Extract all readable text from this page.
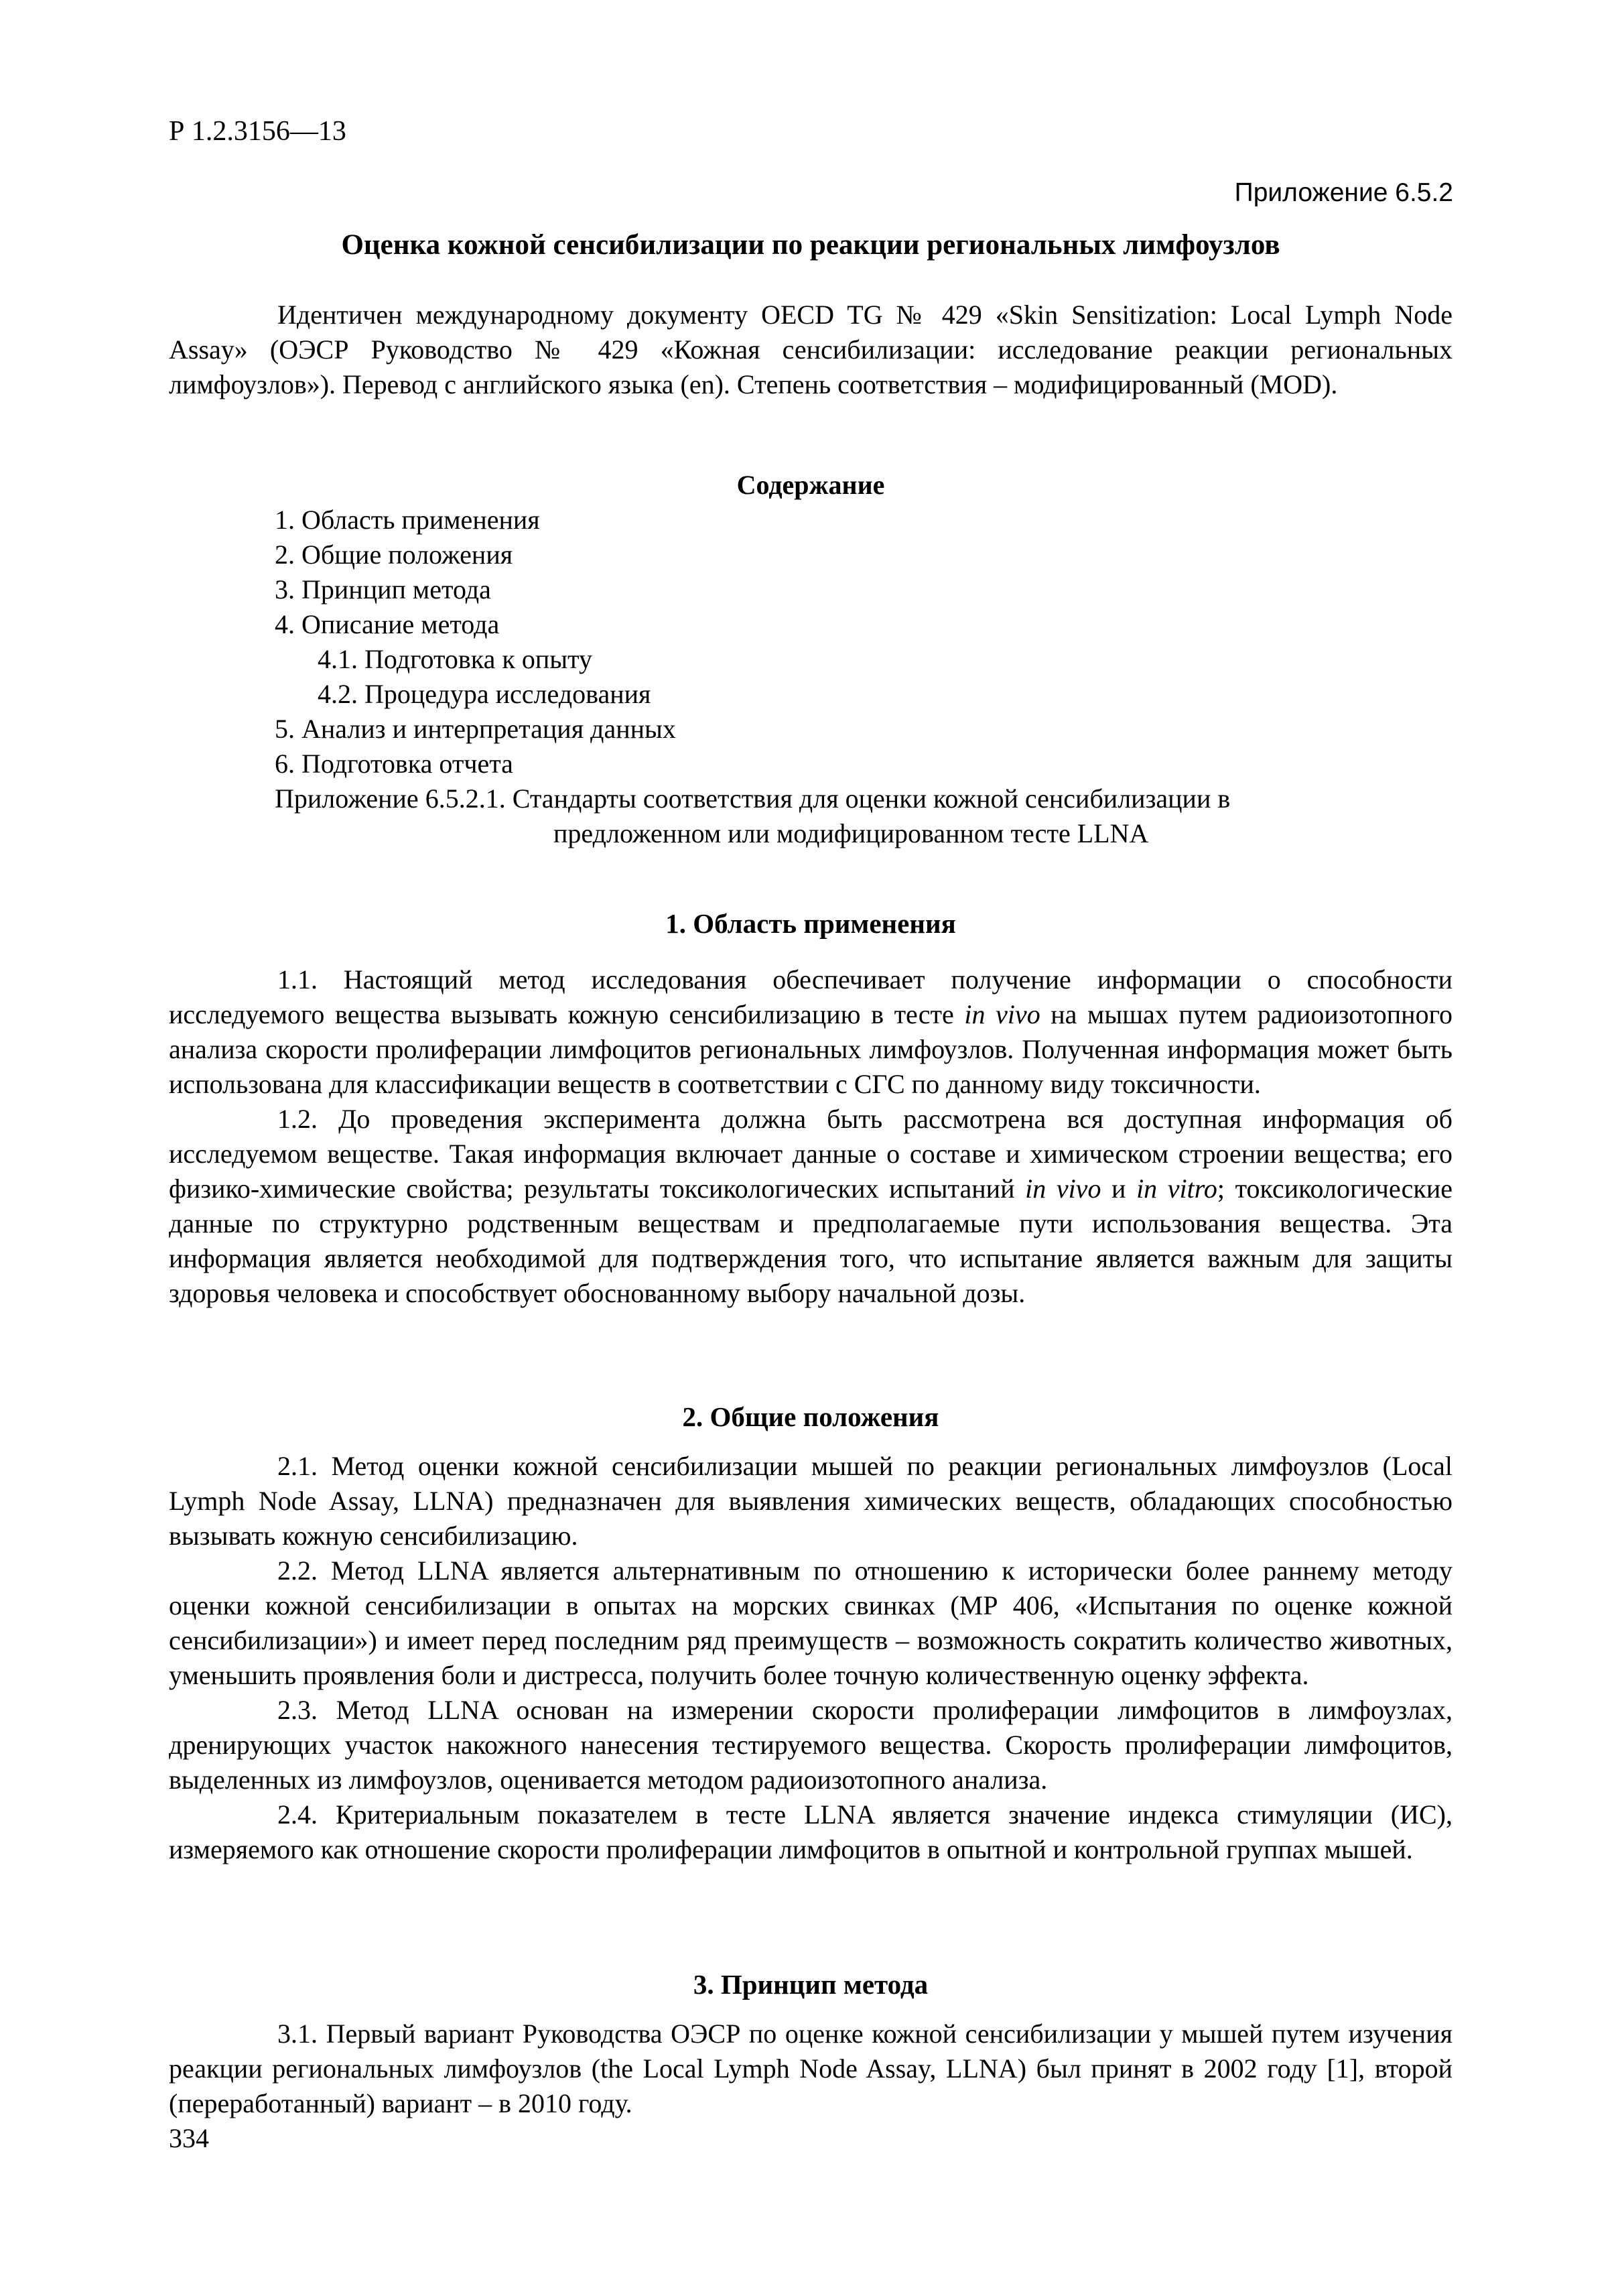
Р 1.2.3156—13
Приложение 6.5.2
Оценка кожной сенсибилизации по реакции региональных лимфоузлов
Идентичен международному документу OECD TG № 429 «Skin Sensitization: Local Lymph Node Assay» (ОЭСР Руководство № 429 «Кожная сенсибилизации: исследование реакции региональных лимфоузлов»). Перевод с английского языка (en). Степень соответствия – модифицированный (MOD).
Содержание
1. Область применения
2. Общие положения
3. Принцип метода
4. Описание метода
4.1. Подготовка к опыту
4.2. Процедура исследования
5. Анализ и интерпретация данных
6. Подготовка отчета
Приложение 6.5.2.1. Стандарты соответствия для оценки кожной сенсибилизации в
предложенном или модифицированном тесте LLNA
1. Область применения

1.1. Настоящий метод исследования обеспечивает получение информации о способности исследуемого вещества вызывать кожную сенсибилизацию в тесте in vivo на мышах путем радиоизотопного анализа скорости пролиферации лимфоцитов региональных лимфоузлов. Полученная информация может быть использована для классификации веществ в соответствии с СГС по данному виду токсичности.

1.2. До проведения эксперимента должна быть рассмотрена вся доступная информация об исследуемом веществе. Такая информация включает данные о составе и химическом строении вещества; его физико-химические свойства; результаты токсикологических испытаний in vivo и in vitro; токсикологические данные по структурно родственным веществам и предполагаемые пути использования вещества. Эта информация является необходимой для подтверждения того, что испытание является важным для защиты здоровья человека и способствует обоснованному выбору начальной дозы.

2. Общие положения

2.1. Метод оценки кожной сенсибилизации мышей по реакции региональных лимфоузлов (Local Lymph Node Assay, LLNA) предназначен для выявления химических веществ, обладающих способностью вызывать кожную сенсибилизацию.

2.2. Метод LLNA является альтернативным по отношению к исторически более раннему методу оценки кожной сенсибилизации в опытах на морских свинках (МР 406, «Испытания по оценке кожной сенсибилизации») и имеет перед последним ряд преимуществ – возможность сократить количество животных, уменьшить проявления боли и дистресса, получить более точную количественную оценку эффекта.

2.3. Метод LLNA основан на измерении скорости пролиферации лимфоцитов в лимфоузлах, дренирующих участок накожного нанесения тестируемого вещества. Скорость пролиферации лимфоцитов, выделенных из лимфоузлов, оценивается методом радиоизотопного анализа.

2.4. Критериальным показателем в тесте LLNA является значение индекса стимуляции (ИС), измеряемого как отношение скорости пролиферации лимфоцитов в опытной и контрольной группах мышей.

3. Принцип метода

3.1. Первый вариант Руководства ОЭСР по оценке кожной сенсибилизации у мышей путем изучения реакции региональных лимфоузлов (the Local Lymph Node Assay, LLNA) был принят в 2002 году [1], второй (переработанный) вариант – в 2010 году.

334
